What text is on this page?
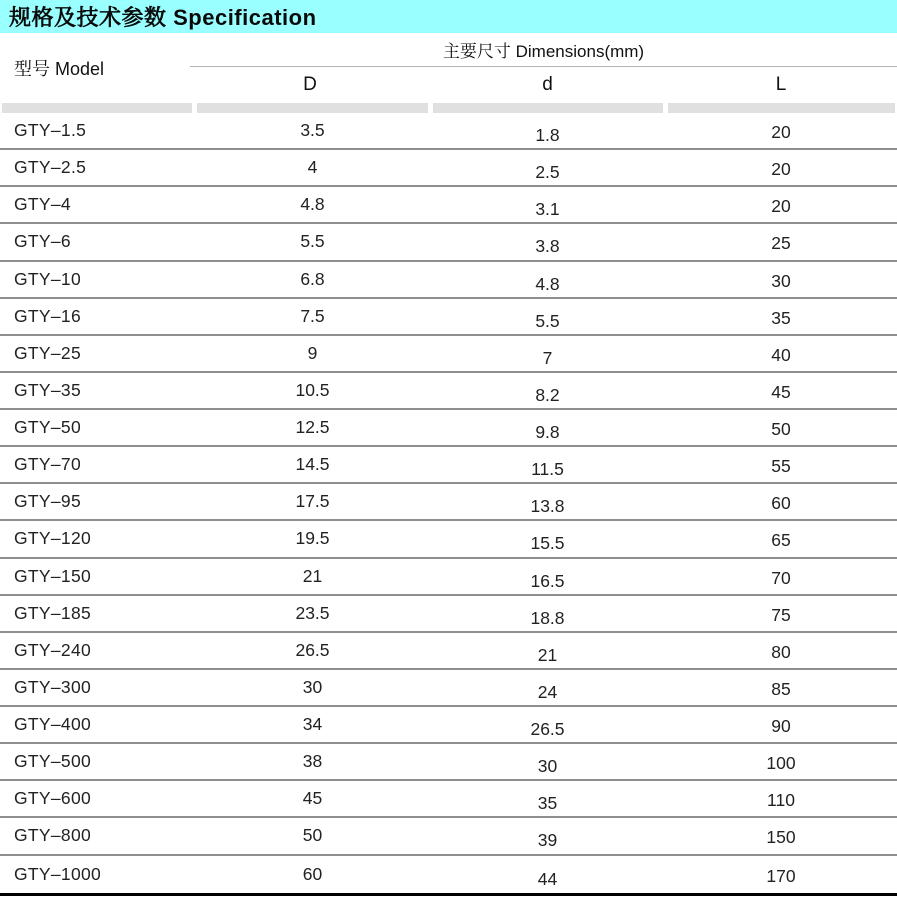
规格及技术参数 Specification
型号 Model
主要尺寸 Dimensions(mm)
D	d	L
GTY–1.5	3.5	1.8	20
GTY–2.5	4	2.5	20
GTY–4	4.8	3.1	20
GTY–6	5.5	3.8	25
GTY–10	6.8	4.8	30
GTY–16	7.5	5.5	35
GTY–25	9	7	40
GTY–35	10.5	8.2	45
GTY–50	12.5	9.8	50
GTY–70	14.5	11.5	55
GTY–95	17.5	13.8	60
GTY–120	19.5	15.5	65
GTY–150	21	16.5	70
GTY–185	23.5	18.8	75
GTY–240	26.5	21	80
GTY–300	30	24	85
GTY–400	34	26.5	90
GTY–500	38	30	100
GTY–600	45	35	110
GTY–800	50	39	150
GTY–1000	60	44	170
